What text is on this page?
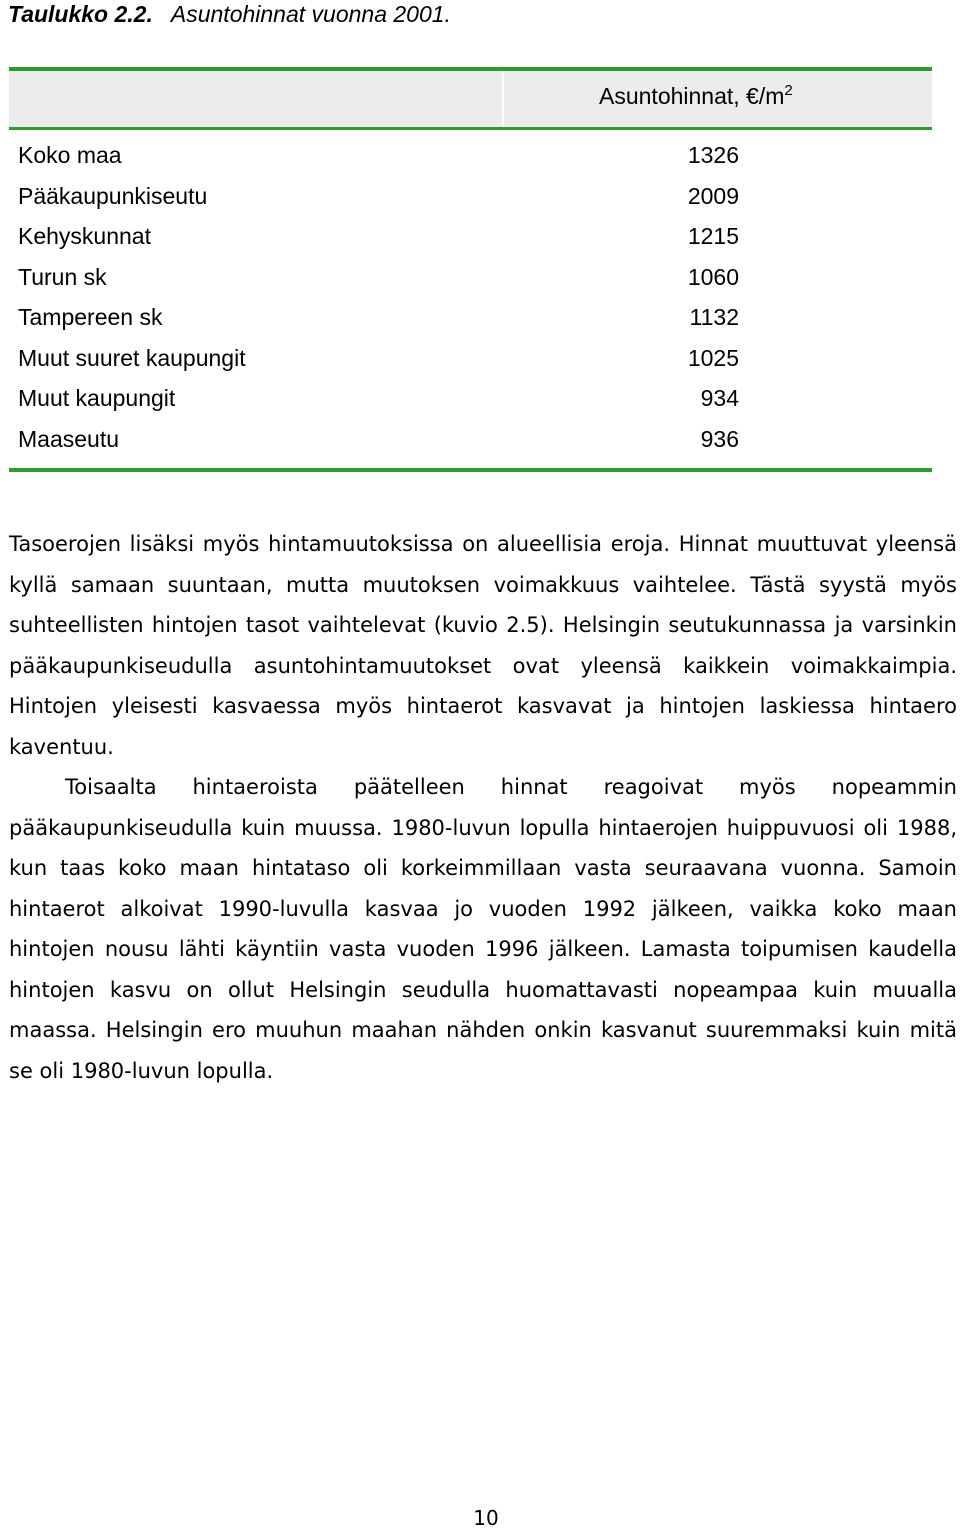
Taulukko 2.2. Asuntohinnat vuonna 2001.
Asuntohinnat, $€/m^2$
Koko maa	1326
Pääkaupunkiseutu	2009
Kehyskunnat	1215
Turun sk	1060
Tampereen sk	1132
Muut suuret kaupungit	1025
Muut kaupungit	934
Maaseutu	936

Tasoerojen lisäksi myös hintamuutoksissa on alueellisia eroja. Hinnat muuttuvat yleensä kyllä samaan suuntaan, mutta muutoksen voimakkuus vaihtelee. Tästä syystä myös suhteellisten hintojen tasot vaihtelevat (kuvio 2.5). Helsingin seutukunnassa ja varsinkin pääkaupunkiseudulla asuntohintamuutokset ovat yleensä kaikkein voimakkaimpia. Hintojen yleisesti kasvaessa myös hintaerot kasvavat ja hintojen laskiessa hintaero kaventuu.

Toisaalta hintaeroista päätelleen hinnat reagoivat myös nopeammin pääkaupunkiseudulla kuin muussa. 1980-luvun lopulla hintaerojen huippuvuosi oli 1988, kun taas koko maan hintataso oli korkeimmillaan vasta seuraavana vuonna. Samoin hintaerot alkoivat 1990-luvulla kasvaa jo vuoden 1992 jälkeen, vaikka koko maan hintojen nousu lähti käyntiin vasta vuoden 1996 jälkeen. Lamasta toipumisen kaudella hintojen kasvu on ollut Helsingin seudulla huomattavasti nopeampaa kuin muualla maassa. Helsingin ero muuhun maahan nähden onkin kasvanut suuremmaksi kuin mitä se oli 1980-luvun lopulla.

10
